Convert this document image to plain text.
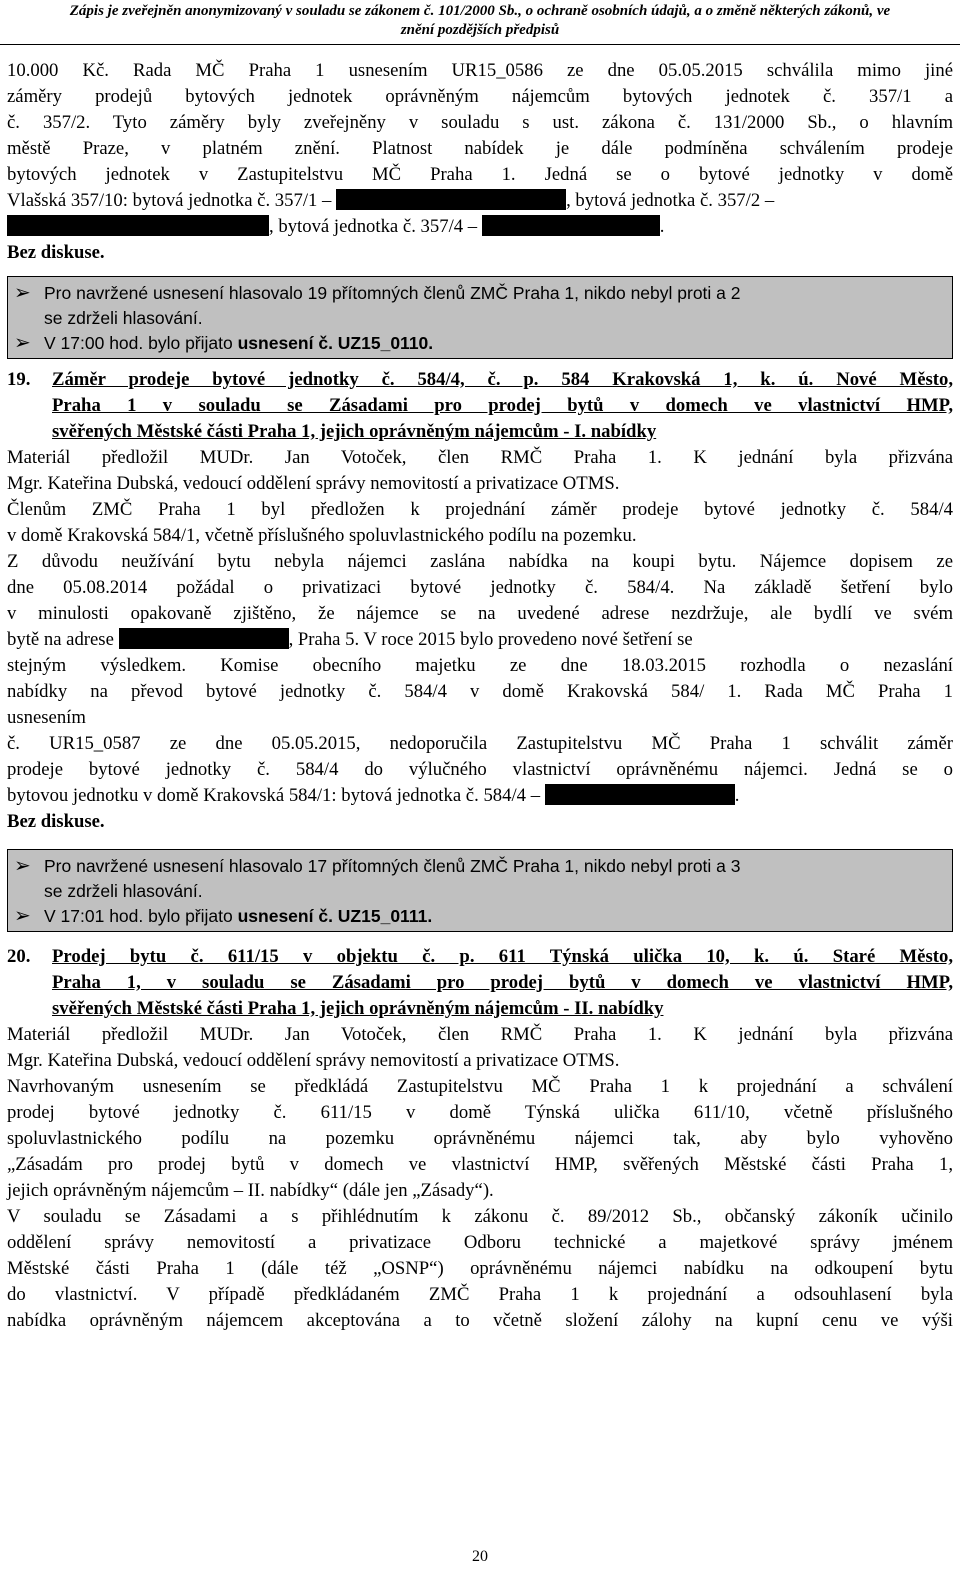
Zápis je zveřejněn anonymizovaný v souladu se zákonem č. 101/2000 Sb., o ochraně osobních údajů, a o změně některých zákonů, ve
znění pozdějších předpisů
10.000 Kč. Rada MČ Praha 1 usnesením UR15_0586 ze dne 05.05.2015 schválila mimo jiné
záměry prodejů bytových jednotek oprávněným nájemcům bytových jednotek č. 357/1 a
č. 357/2. Tyto záměry byly zveřejněny v souladu s ust. zákona č. 131/2000 Sb., o hlavním
městě Praze, v platném znění. Platnost nabídek je dále podmíněna schválením prodeje
bytových jednotek v Zastupitelstvu MČ Praha 1. Jedná se o bytové jednotky v domě
Vlašská 357/10: bytová jednotka č. 357/1 –	, bytová jednotka č. 357/2 –
, bytová jednotka č. 357/4 –	.
Bez diskuse.
➢ Pro navržené usnesení hlasovalo 19 přítomných členů ZMČ Praha 1, nikdo nebyl proti a 2
se zdrželi hlasování.
➢ V 17:00 hod. bylo přijato usnesení č. UZ15_0110.
19.	Záměr prodeje bytové jednotky č. 584/4, č. p. 584 Krakovská 1, k. ú. Nové Město,
Praha 1 v souladu se Zásadami pro prodej bytů v domech ve vlastnictví HMP,
svěřených Městské části Praha 1, jejich oprávněným nájemcům - I. nabídky
Materiál předložil MUDr. Jan Votoček, člen RMČ Praha 1. K jednání byla přizvána
Mgr. Kateřina Dubská, vedoucí oddělení správy nemovitostí a privatizace OTMS.
Členům ZMČ Praha 1 byl předložen k projednání záměr prodeje bytové jednotky č. 584/4
v domě Krakovská 584/1, včetně příslušného spoluvlastnického podílu na pozemku.
Z důvodu neužívání bytu nebyla nájemci zaslána nabídka na koupi bytu. Nájemce dopisem ze
dne 05.08.2014 požádal o privatizaci bytové jednotky č. 584/4. Na základě šetření bylo
v minulosti opakovaně zjištěno, že nájemce se na uvedené adrese nezdržuje, ale bydlí ve svém
bytě na adrese	, Praha 5. V roce 2015 bylo provedeno nové šetření se
stejným výsledkem. Komise obecního majetku ze dne 18.03.2015 rozhodla o nezaslání
nabídky na převod bytové jednotky č. 584/4 v domě Krakovská 584/ 1. Rada MČ Praha 1
usnesením
č. UR15_0587 ze dne 05.05.2015, nedoporučila Zastupitelstvu MČ Praha 1 schválit záměr
prodeje bytové jednotky č. 584/4 do výlučného vlastnictví oprávněnému nájemci. Jedná se o
bytovou jednotku v domě Krakovská 584/1: bytová jednotka č. 584/4 –	.
Bez diskuse.
➢ Pro navržené usnesení hlasovalo 17 přítomných členů ZMČ Praha 1, nikdo nebyl proti a 3
se zdrželi hlasování.
➢ V 17:01 hod. bylo přijato usnesení č. UZ15_0111.
20.	Prodej bytu č. 611/15 v objektu č. p. 611 Týnská ulička 10, k. ú. Staré Město,
Praha 1, v souladu se Zásadami pro prodej bytů v domech ve vlastnictví HMP,
svěřených Městské části Praha 1, jejich oprávněným nájemcům - II. nabídky
Materiál předložil MUDr. Jan Votoček, člen RMČ Praha 1. K jednání byla přizvána
Mgr. Kateřina Dubská, vedoucí oddělení správy nemovitostí a privatizace OTMS.
Navrhovaným usnesením se předkládá Zastupitelstvu MČ Praha 1 k projednání a schválení
prodej bytové jednotky č. 611/15 v domě Týnská ulička 611/10, včetně příslušného
spoluvlastnického podílu na pozemku oprávněnému nájemci tak, aby bylo vyhověno
„Zásadám pro prodej bytů v domech ve vlastnictví HMP, svěřených Městské části Praha 1,
jejich oprávněným nájemcům – II. nabídky“ (dále jen „Zásady“).
V souladu se Zásadami a s přihlédnutím k zákonu č. 89/2012 Sb., občanský zákoník učinilo
oddělení správy nemovitostí a privatizace Odboru technické a majetkové správy jménem
Městské části Praha 1 (dále též „OSNP“) oprávněnému nájemci nabídku na odkoupení bytu
do vlastnictví. V případě předkládaném ZMČ Praha 1 k projednání a odsouhlasení byla
nabídka oprávněným nájemcem akceptována a to včetně složení zálohy na kupní cenu ve výši
20
